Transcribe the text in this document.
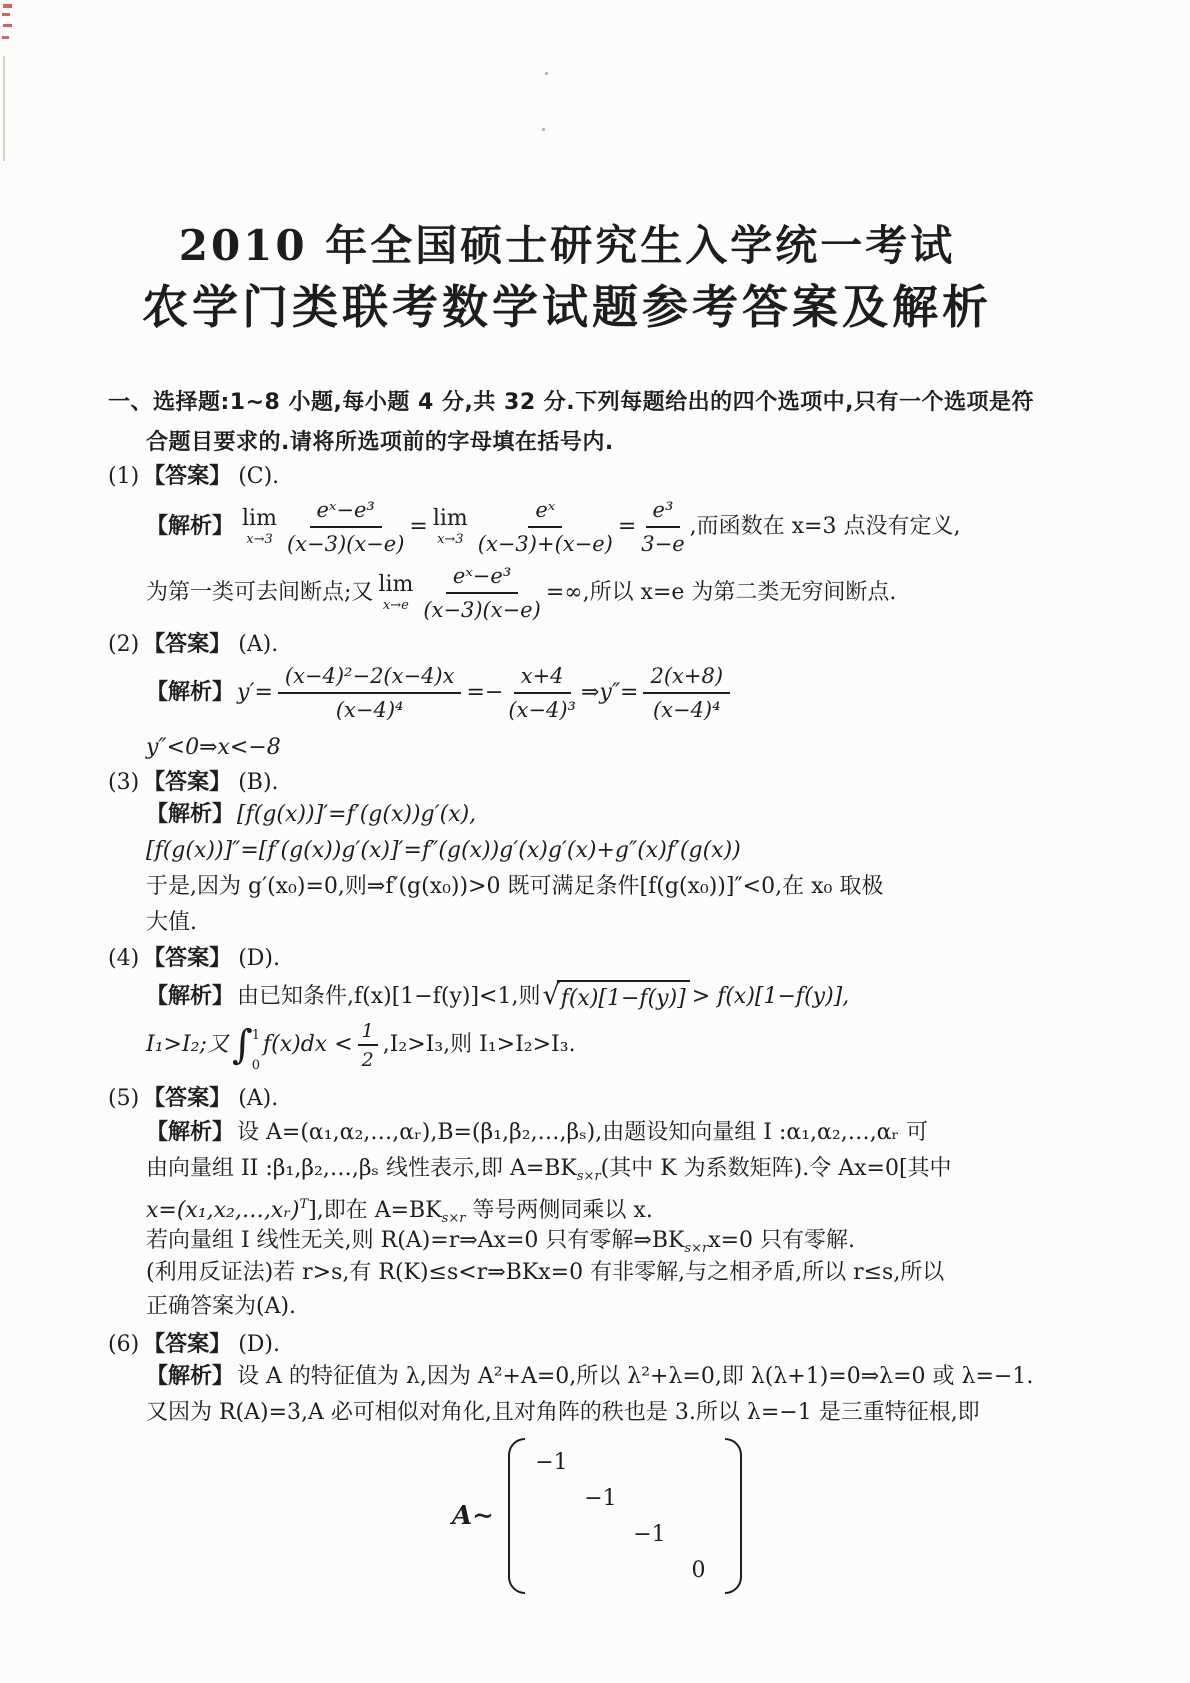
2010 年全国硕士研究生入学统一考试
农学门类联考数学试题参考答案及解析
一、选择题:1~8 小题,每小题 4 分,共 32 分.下列每题给出的四个选项中,只有一个选项是符
合题目要求的.请将所选项前的字母填在括号内.
(1) 【答案】 (C).
【解析】 lim
$x\to 3 \frac{\text{eˣ−e³}}{(x-3)(x-e)} = \lim$
$x\to 3 \frac{\text{eˣ}}{(x-3)+(x-e)} = \frac{\text{e³}}{3-e}$ ,而函数在 x=3 点没有定义,
为第一类可去间断点;又 lim
$x\to e \frac{\text{eˣ−e³}}{(x-3)(x-e)}$ =∞,所以 x=e 为第二类无穷间断点.
(2) 【答案】 (A).
【解析】 $y'= \frac{\text{(x−4)²−2(x−4)x}}{\text{(x−4)⁴}} =- \frac{x+4}{\text{(x−4)³}}$ ⇒y″= $\frac{2(x+8)}{\text{(x−4)⁴}}$
y″<0⇒x<−8
(3) 【答案】 (B).
【解析】 [f(g(x))]′=f′(g(x))g′(x),
[f(g(x))]″=[f′(g(x))g′(x)]′=f″(g(x))g′(x)g′(x)+g″(x)f′(g(x))
于是,因为 g′(x₀)=0,则⇒f′(g(x₀))>0 既可满足条件[f(g(x₀))]″<0,在 x₀ 取极
大值.
(4) 【答案】 (D).
【解析】 由已知条件,f(x)[1−f(y)]<1,则 √ f(x)[1−f(y)] > f(x)[1−f(y)],
I₁>I₂;又 ∫ 1
0
$f(x)dx < \frac{1}{2} ,I_2>I_3$,则 I₁>I₂>I₃.
(5) 【答案】 (A).
【解析】 设 A=(α₁,α₂,…,αᵣ),B=(β₁,β₂,…,βₛ),由题设知向量组 I :α₁,α₂,…,αᵣ 可
由向量组 II :β₁,β₂,…,βₛ 线性表示,即 $A=BK_{s\times r}$(其中 K 为系数矩阵).令 Ax=0[其中
x=(x₁,x₂,…,xᵣ)$^T$],即在 $A=BK_{s\times r}$ 等号两侧同乘以 x.
若向量组 I 线性无关,则 R(A)=r⇒Ax=0 只有零解$\Rightarrow BK_{s\times r}x=0$ 只有零解.
(利用反证法)若 r>s,有 R(K)≤s<r⇒BKx=0 有非零解,与之相矛盾,所以 r≤s,所以
正确答案为(A).
(6) 【答案】 (D).
【解析】 设 A 的特征值为 λ,因为 A²+A=0,所以 λ²+λ=0,即 λ(λ+1)=0⇒λ=0 或 λ=−1.
又因为 R(A)=3,A 必可相似对角化,且对角阵的秩也是 3.所以 λ=−1 是三重特征根,即
A∼
−1
−1
−1
0
